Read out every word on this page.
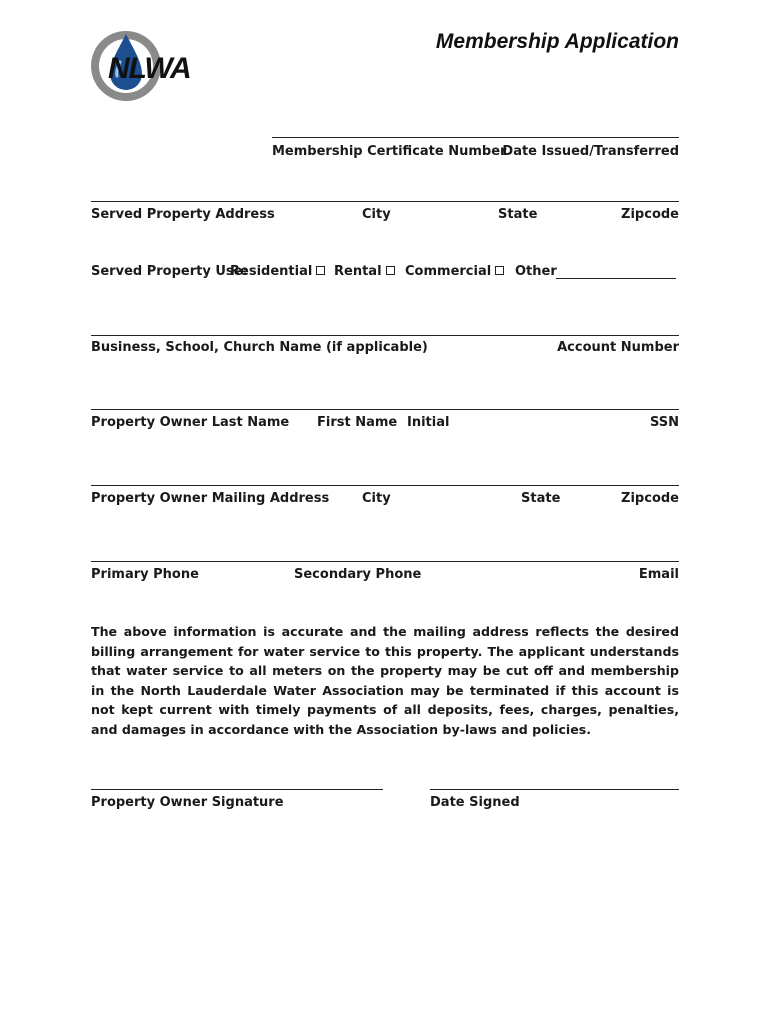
NLWA
Membership Application
Membership Certificate Number
Date Issued/Transferred
Served Property Address	City	State	Zipcode
Served Property Use:
Residential	Rental	Commercial	Other
Business, School, Church Name (if applicable)	Account Number
Property Owner Last Name First Name Initial	SSN
Property Owner Mailing Address	City	State	Zipcode
Primary Phone	Secondary Phone	Email
The above information is accurate and the mailing address reflects the desired billing arrangement for water service to this property. The applicant understands that water service to all meters on the property may be cut off and membership in the North Lauderdale Water Association may be terminated if this account is not kept current with timely payments of all deposits, fees, charges, penalties, and damages in accordance with the Association by-laws and policies.
Property Owner Signature	Date Signed
